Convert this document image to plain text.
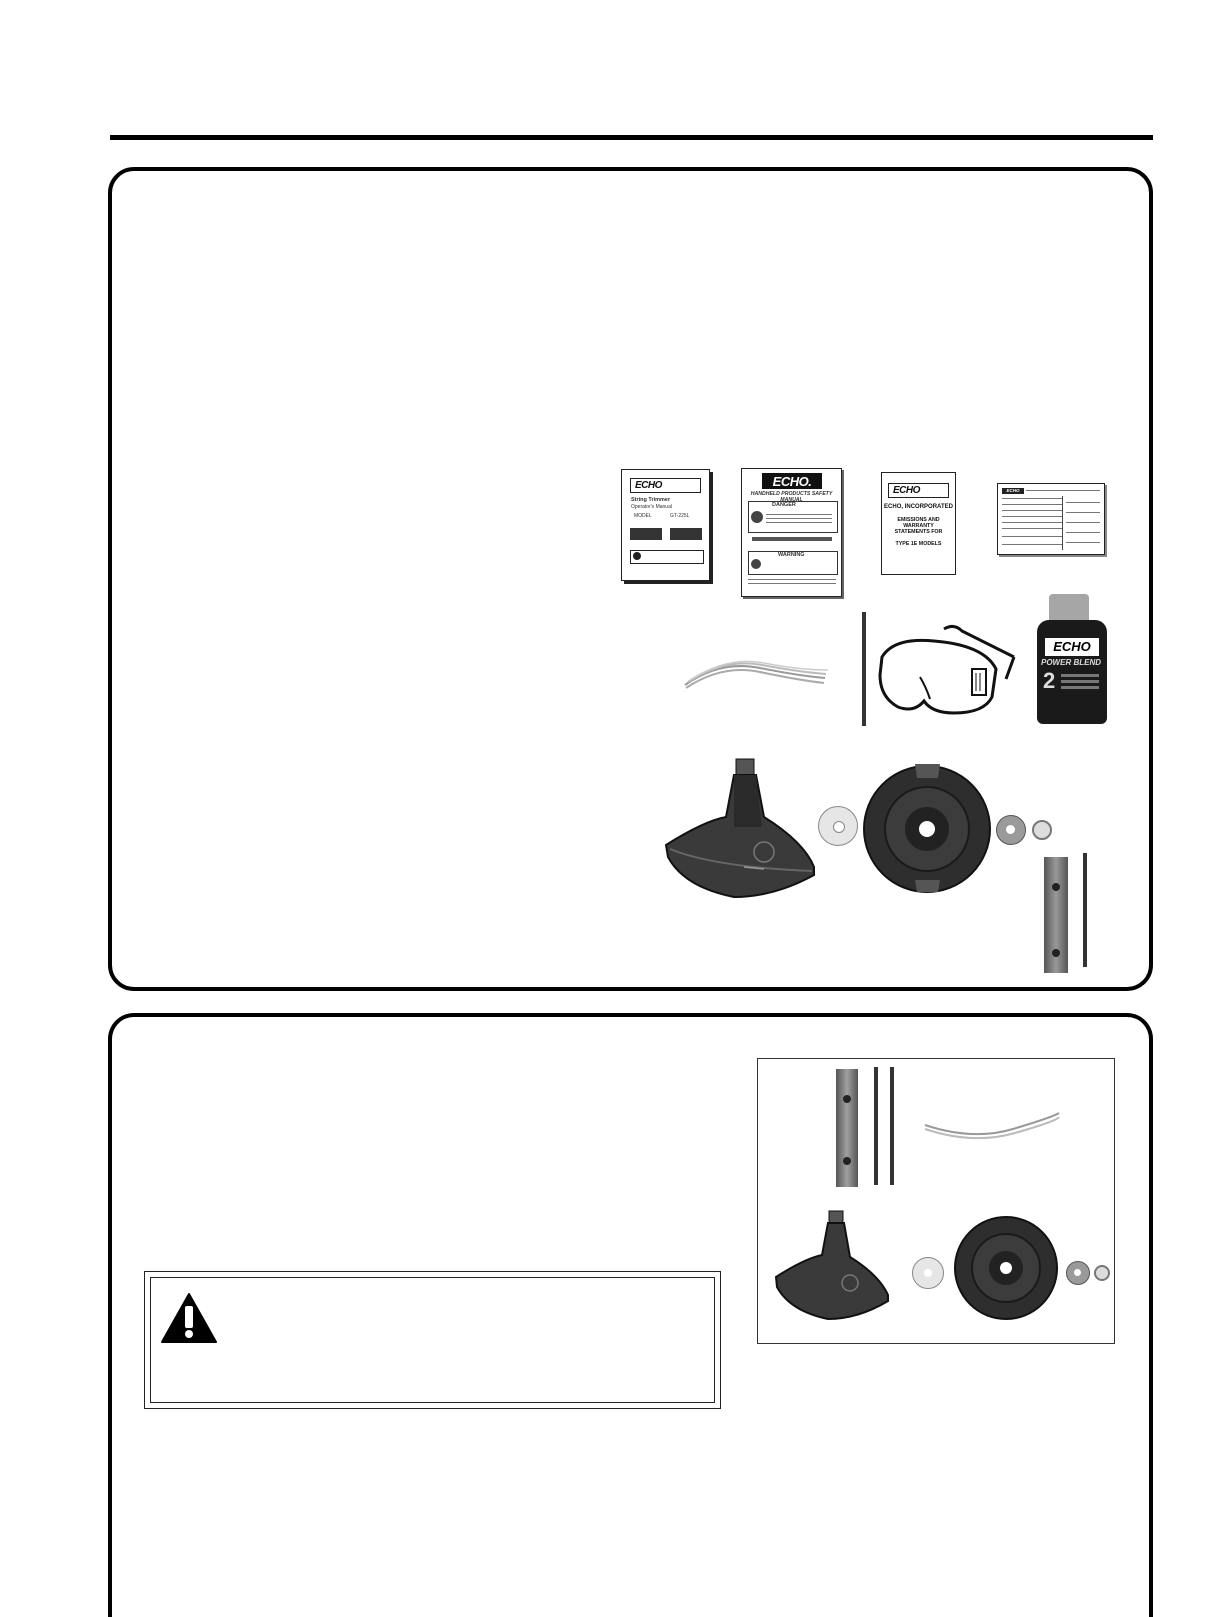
ECHO
String Trimmer
Operator's Manual
MODEL	GT-225L
ECHO.
HANDHELD PRODUCTS SAFETY MANUAL
DANGER
WARNING
ECHO
ECHO, INCORPORATED
EMISSIONS AND WARRANTY
STATEMENTS FOR
TYPE 1E MODELS
ECHO
ECHO
POWER BLEND
2
